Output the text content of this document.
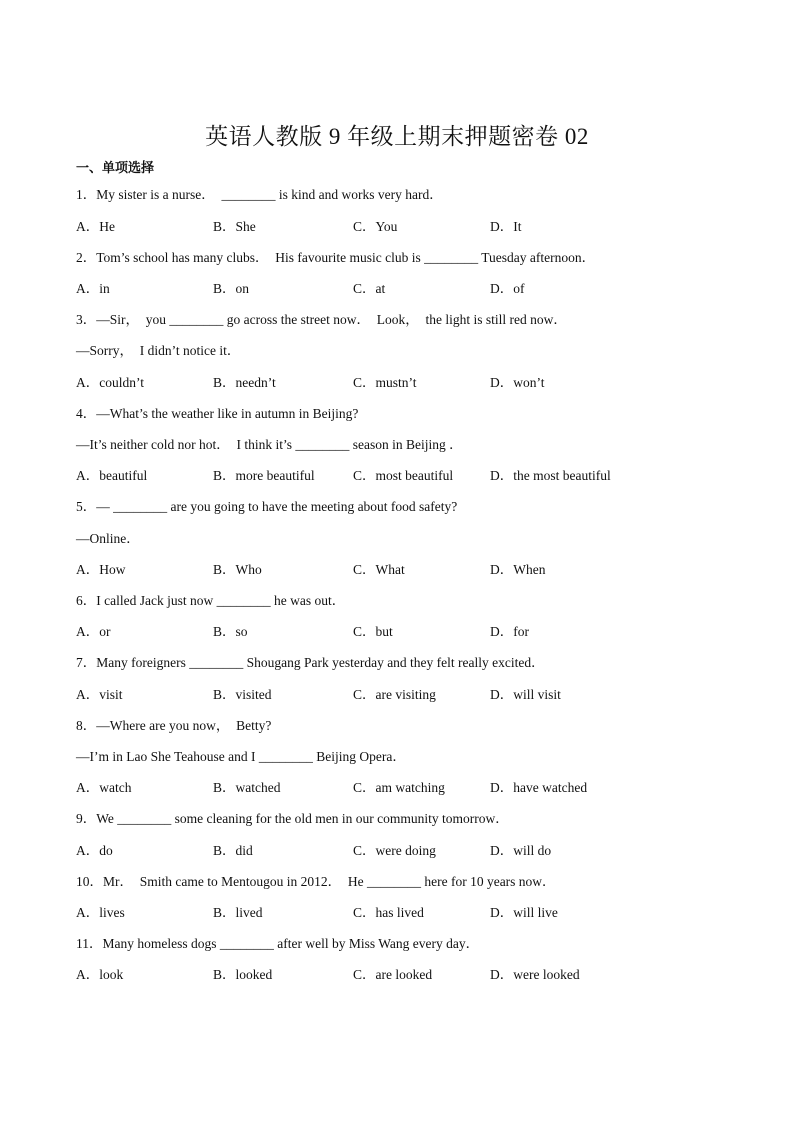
英语人教版 9 年级上期末押题密卷 02
一、单项选择
1．My sister is a nurse．  ________ is kind and works very hard．
A．He	B．She	C．You	D．It
2．Tom’s school has many clubs．  His favourite music club is ________ Tuesday afternoon．
A．in	B．on	C．at	D．of
3．—Sir，  you ________ go across the street now．  Look，  the light is still red now．
—Sorry，  I didn’t notice it．
A．couldn’t	B．needn’t	C．mustn’t	D．won’t
4．—What’s the weather like in autumn in Beijing?
—It’s neither cold nor hot．  I think it’s ________ season in Beijing ．
A．beautiful	B．more beautiful	C．most beautiful	D．the most beautiful
5．— ________ are you going to have the meeting about food safety?
—Online．
A．How	B．Who	C．What	D．When
6．I called Jack just now ________ he was out．
A．or	B．so	C．but	D．for
7．Many foreigners ________ Shougang Park yesterday and they felt really excited．
A．visit	B．visited	C．are visiting	D．will visit
8．—Where are you now，  Betty?
—I’m in Lao She Teahouse and I ________ Beijing Opera．
A．watch	B．watched	C．am watching	D．have watched
9．We ________ some cleaning for the old men in our community tomorrow．
A．do	B．did	C．were doing	D．will do
10．Mr．  Smith came to Mentougou in 2012．  He ________ here for 10 years now．
A．lives	B．lived	C．has lived	D．will live
11．Many homeless dogs ________ after well by Miss Wang every day．
A．look	B．looked	C．are looked	D．were looked
